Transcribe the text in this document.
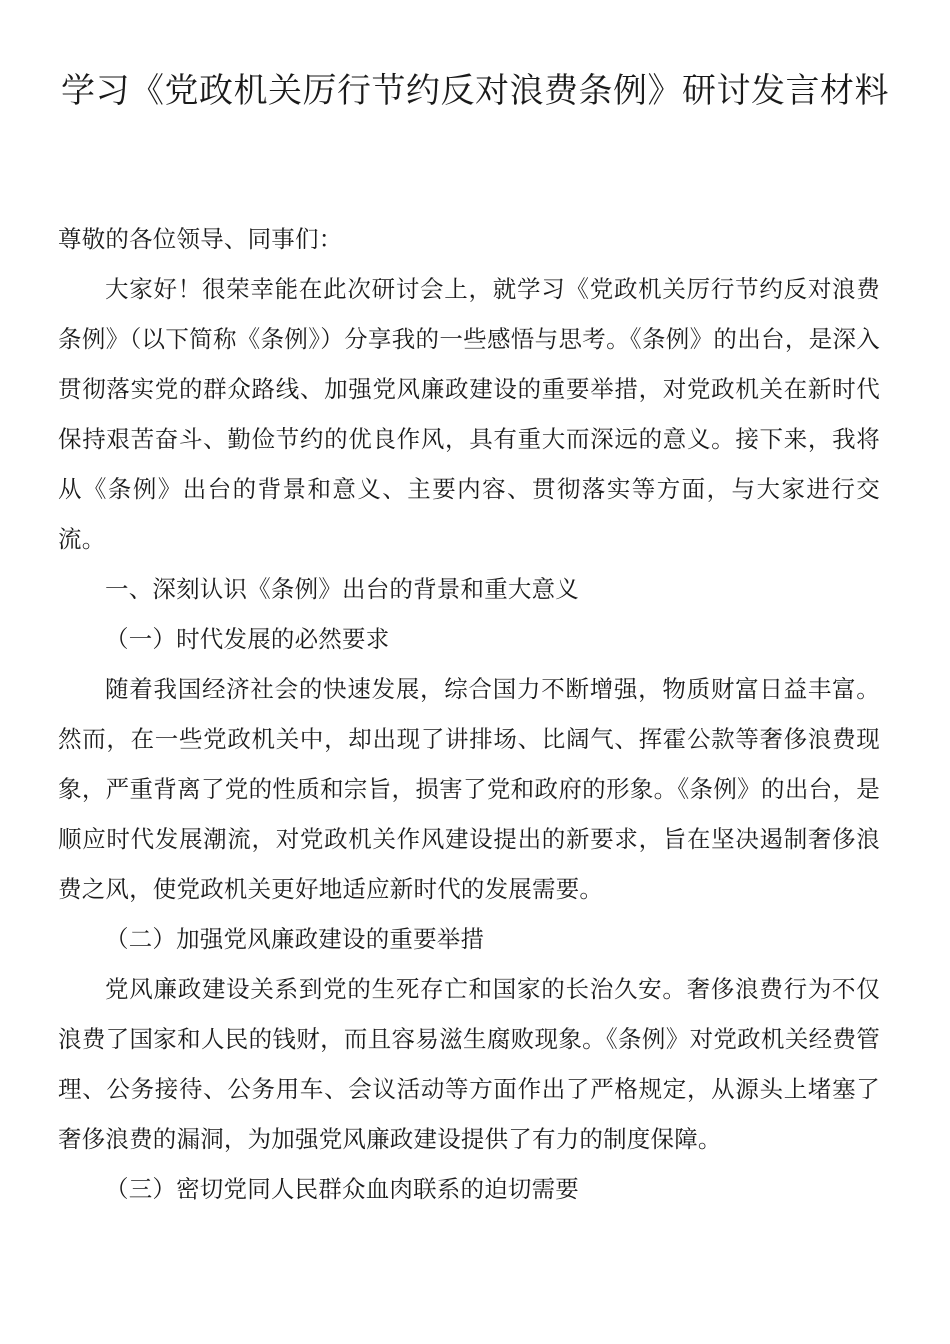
学习《党政机关厉行节约反对浪费条例》研讨发言材料

尊敬的各位领导、同事们：

大家好！很荣幸能在此次研讨会上，就学习《党政机关厉行节约反对浪费条例》（以下简称《条例》）分享我的一些感悟与思考。《条例》的出台，是深入贯彻落实党的群众路线、加强党风廉政建设的重要举措，对党政机关在新时代保持艰苦奋斗、勤俭节约的优良作风，具有重大而深远的意义。接下来，我将从《条例》出台的背景和意义、主要内容、贯彻落实等方面，与大家进行交流。

一、深刻认识《条例》出台的背景和重大意义

（一）时代发展的必然要求

随着我国经济社会的快速发展，综合国力不断增强，物质财富日益丰富。然而，在一些党政机关中，却出现了讲排场、比阔气、挥霍公款等奢侈浪费现象，严重背离了党的性质和宗旨，损害了党和政府的形象。《条例》的出台，是顺应时代发展潮流，对党政机关作风建设提出的新要求，旨在坚决遏制奢侈浪费之风，使党政机关更好地适应新时代的发展需要。

（二）加强党风廉政建设的重要举措

党风廉政建设关系到党的生死存亡和国家的长治久安。奢侈浪费行为不仅浪费了国家和人民的钱财，而且容易滋生腐败现象。《条例》对党政机关经费管理、公务接待、公务用车、会议活动等方面作出了严格规定，从源头上堵塞了奢侈浪费的漏洞，为加强党风廉政建设提供了有力的制度保障。

（三）密切党同人民群众血肉联系的迫切需要
